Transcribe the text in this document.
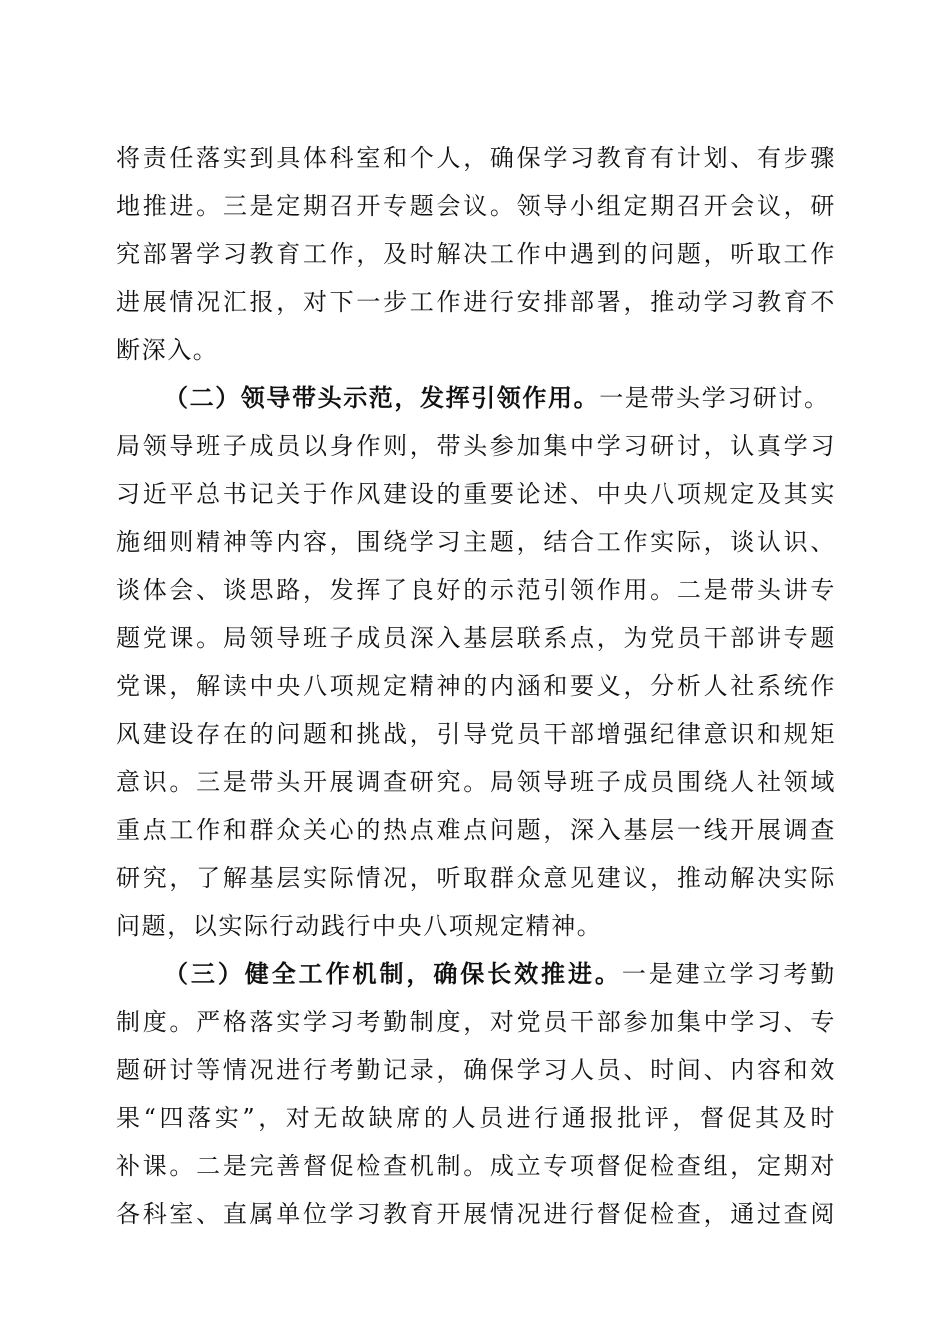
将责任落实到具体科室和个人，确保学习教育有计划、有步骤
地推进。三是定期召开专题会议。领导小组定期召开会议，研
究部署学习教育工作，及时解决工作中遇到的问题，听取工作
进展情况汇报，对下一步工作进行安排部署，推动学习教育不
断深入。
（二）领导带头示范，发挥引领作用。一是带头学习研讨。
局领导班子成员以身作则，带头参加集中学习研讨，认真学习
习近平总书记关于作风建设的重要论述、中央八项规定及其实
施细则精神等内容，围绕学习主题，结合工作实际，谈认识、
谈体会、谈思路，发挥了良好的示范引领作用。二是带头讲专
题党课。局领导班子成员深入基层联系点，为党员干部讲专题
党课，解读中央八项规定精神的内涵和要义，分析人社系统作
风建设存在的问题和挑战，引导党员干部增强纪律意识和规矩
意识。三是带头开展调查研究。局领导班子成员围绕人社领域
重点工作和群众关心的热点难点问题，深入基层一线开展调查
研究，了解基层实际情况，听取群众意见建议，推动解决实际
问题，以实际行动践行中央八项规定精神。
（三）健全工作机制，确保长效推进。一是建立学习考勤
制度。严格落实学习考勤制度，对党员干部参加集中学习、专
题研讨等情况进行考勤记录，确保学习人员、时间、内容和效
果“四落实”，对无故缺席的人员进行通报批评，督促其及时
补课。二是完善督促检查机制。成立专项督促检查组，定期对
各科室、直属单位学习教育开展情况进行督促检查，通过查阅
